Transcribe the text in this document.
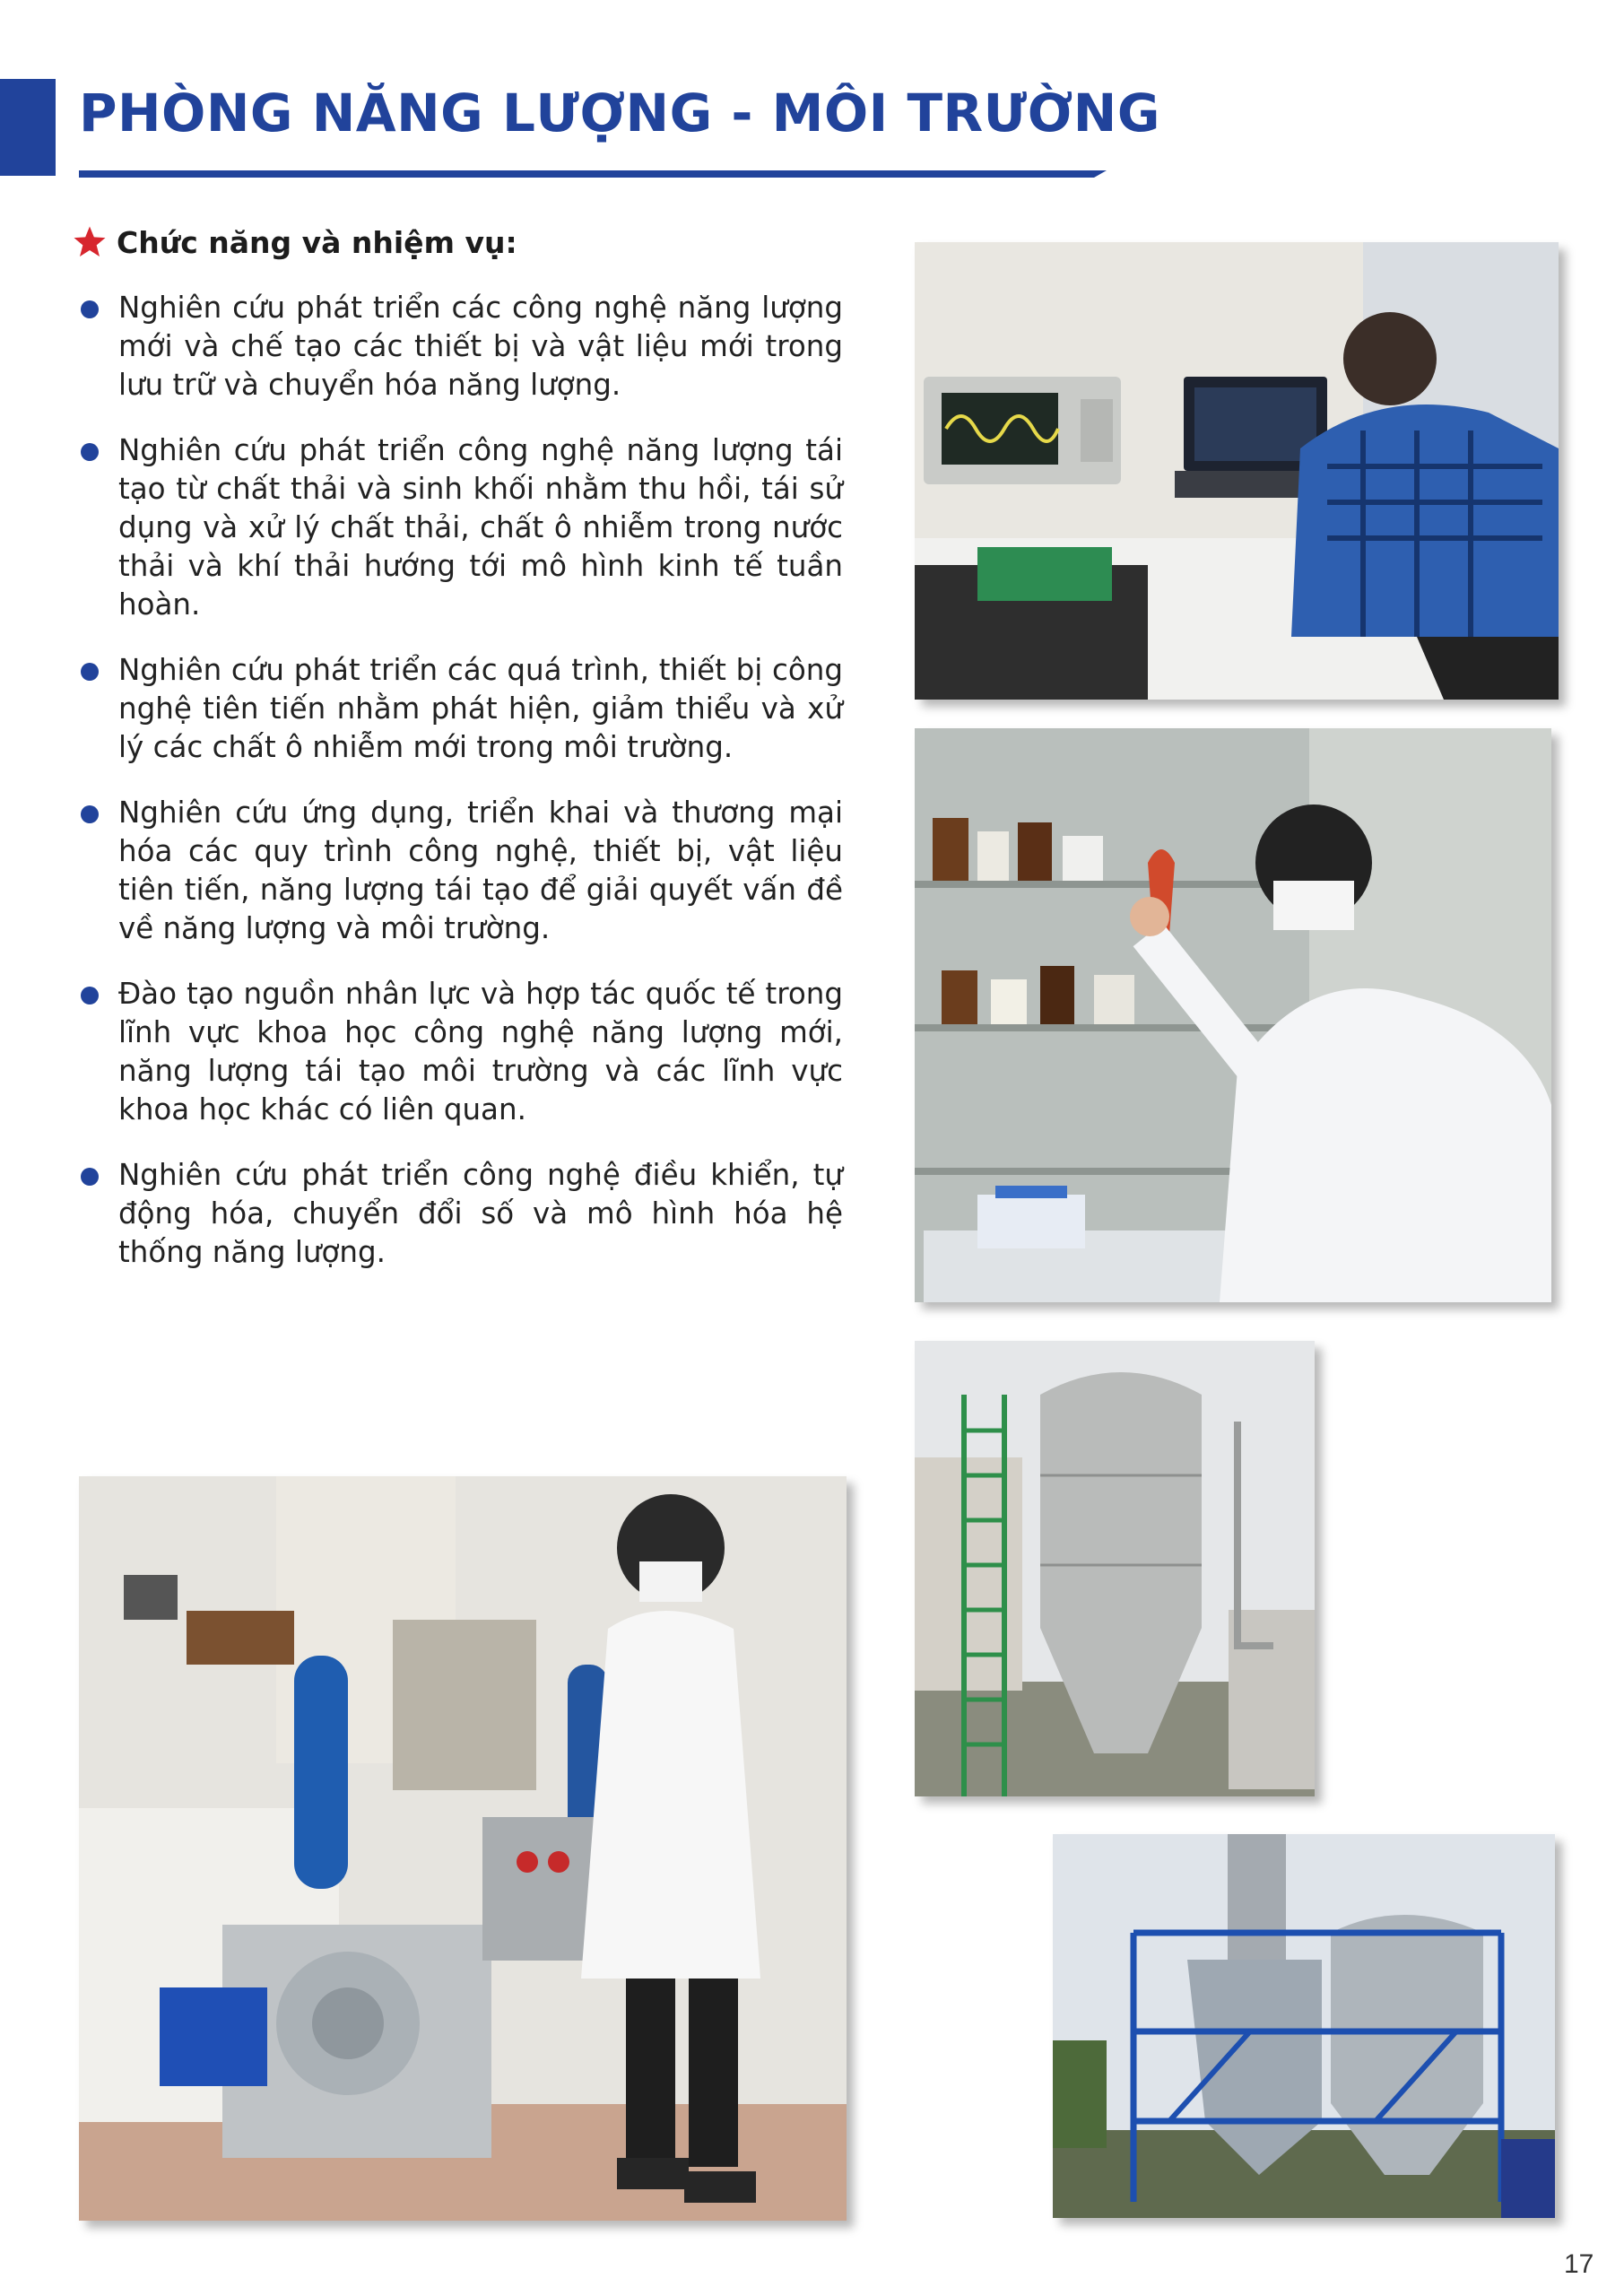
PHÒNG NĂNG LƯỢNG - MÔI TRƯỜNG
Chức năng và nhiệm vụ:
Nghiên cứu phát triển các công nghệ năng lượng mới và chế tạo các thiết bị và vật liệu mới trong lưu trữ và chuyển hóa năng lượng.
Nghiên cứu phát triển công nghệ năng lượng tái tạo từ chất thải và sinh khối nhằm thu hồi, tái sử dụng và xử lý chất thải, chất ô nhiễm trong nước thải và khí thải hướng tới mô hình kinh tế tuần hoàn.
Nghiên cứu phát triển các quá trình, thiết bị công nghệ tiên tiến nhằm phát hiện, giảm thiểu và xử lý các chất ô nhiễm mới trong môi trường.
Nghiên cứu ứng dụng, triển khai và thương mại hóa các quy trình công nghệ, thiết bị, vật liệu tiên tiến, năng lượng tái tạo để giải quyết vấn đề về năng lượng và môi trường.
Đào tạo nguồn nhân lực và hợp tác quốc tế trong lĩnh vực khoa học công nghệ năng lượng mới, năng lượng tái tạo môi trường và các lĩnh vực khoa học khác có liên quan.
Nghiên cứu phát triển công nghệ điều khiển, tự động hóa, chuyển đổi số và mô hình hóa hệ thống năng lượng.
17
